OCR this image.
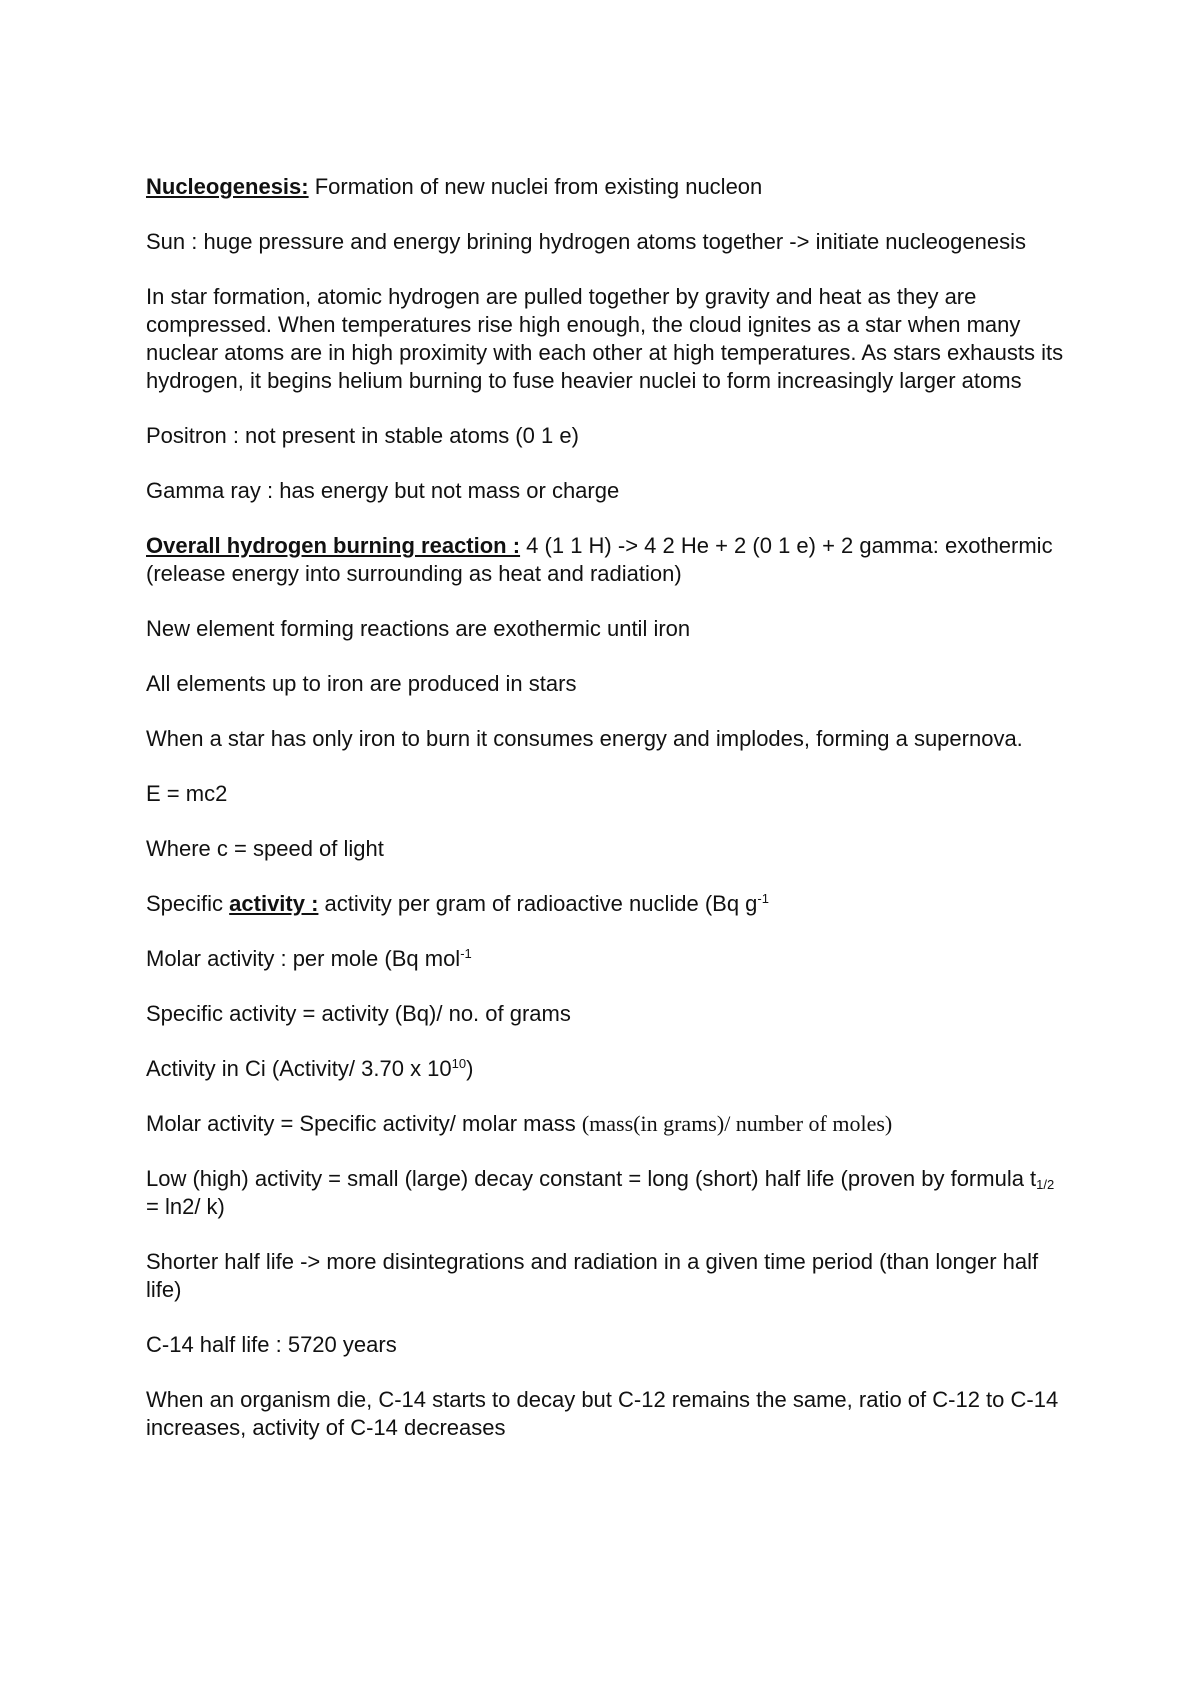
Nucleogenesis: Formation of new nuclei from existing nucleon

Sun : huge pressure and energy brining hydrogen atoms together -> initiate nucleogenesis

In star formation, atomic hydrogen are pulled together by gravity and heat as they are compressed. When temperatures rise high enough, the cloud ignites as a star when many nuclear atoms are in high proximity with each other at high temperatures. As stars exhausts its hydrogen, it begins helium burning to fuse heavier nuclei to form increasingly larger atoms

Positron : not present in stable atoms (0 1 e)

Gamma ray : has energy but not mass or charge

Overall hydrogen burning reaction : 4 (1 1 H) -> 4 2 He + 2 (0 1 e) + 2 gamma: exothermic (release energy into surrounding as heat and radiation)

New element forming reactions are exothermic until iron

All elements up to iron are produced in stars

When a star has only iron to burn it consumes energy and implodes, forming a supernova.

E = mc2

Where c = speed of light

Specific activity : activity per gram of radioactive nuclide (Bq $g^{-1}$

Molar activity : per mole (Bq mol$^{-1}$

Specific activity = activity (Bq)/ no. of grams

Activity in Ci (Activity/ 3.70 x $10^{10}$)

Molar activity = Specific activity/ molar mass (mass(in grams)/ number of moles)

Low (high) activity = small (large) decay constant = long (short) half life (proven by formula $t_{1/2} = \ln 2/$ k)

Shorter half life -> more disintegrations and radiation in a given time period (than longer half life)

C-14 half life : 5720 years

When an organism die, C-14 starts to decay but C-12 remains the same, ratio of C-12 to C-14 increases, activity of C-14 decreases
